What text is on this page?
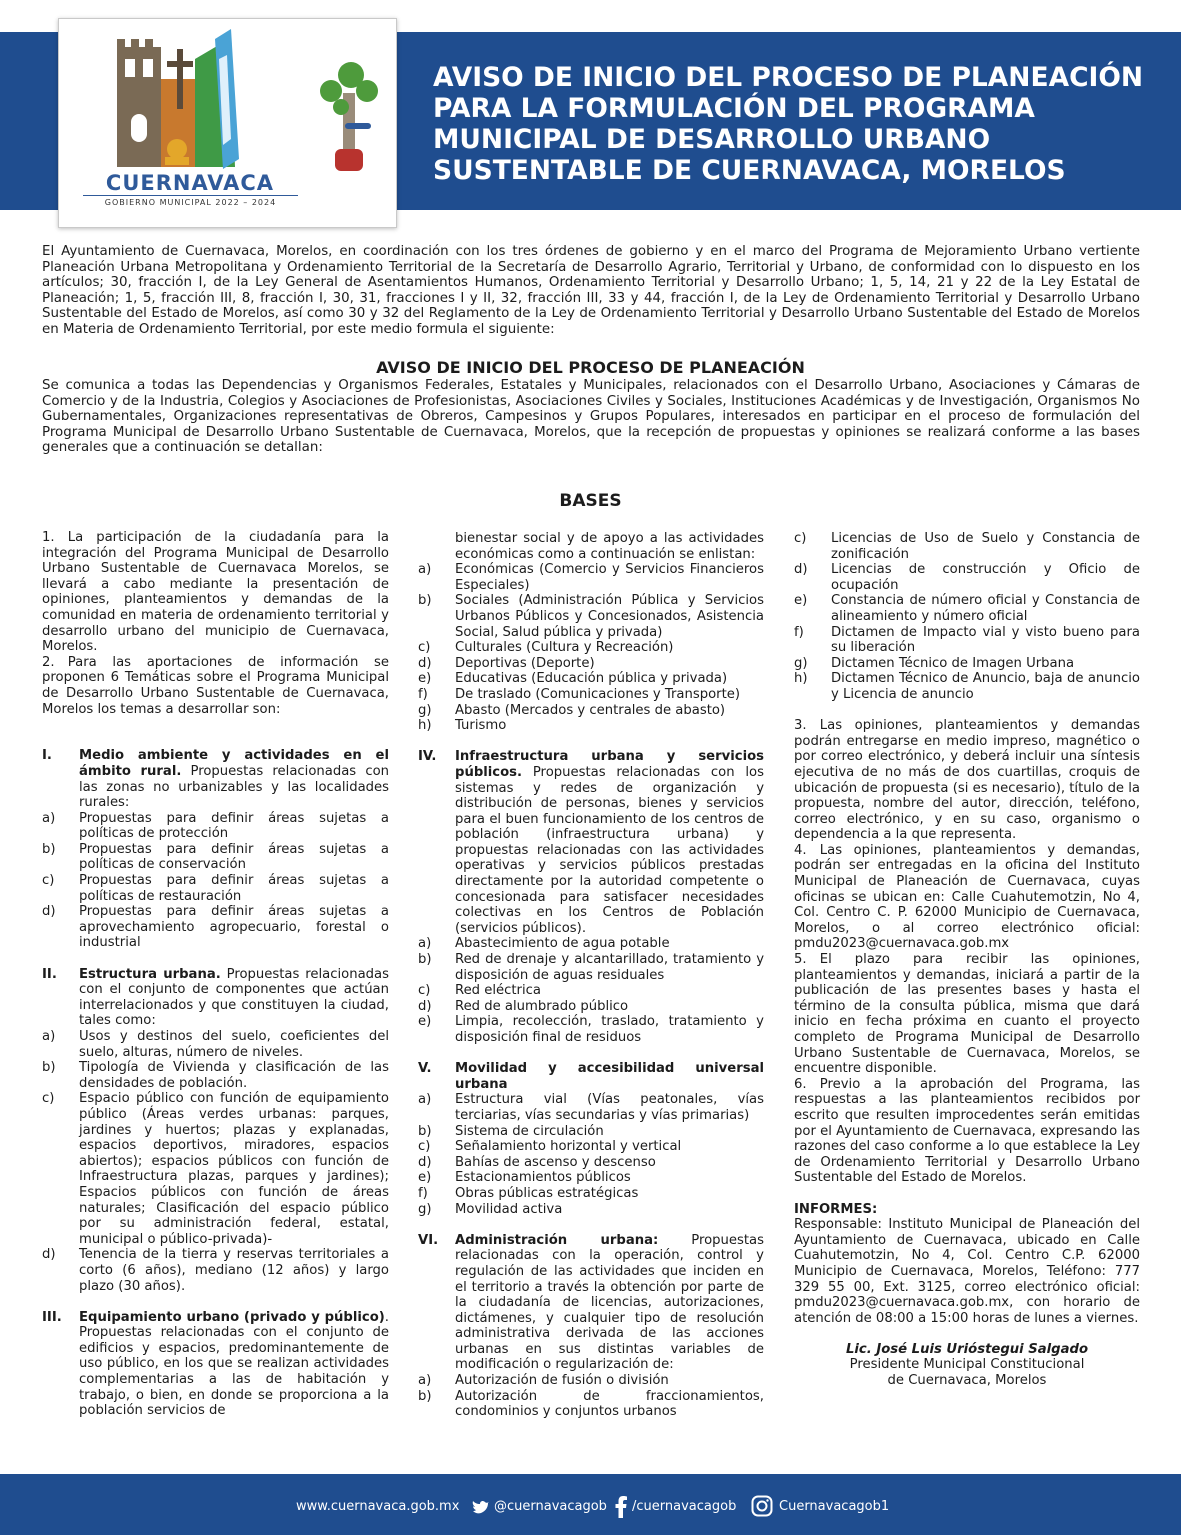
CUERNAVACA
GOBIERNO MUNICIPAL 2022 – 2024
AVISO DE INICIO DEL PROCESO DE PLANEACIÓN PARA LA FORMULACIÓN DEL PROGRAMA MUNICIPAL DE DESARROLLO URBANO SUSTENTABLE DE CUERNAVACA, MORELOS

El Ayuntamiento de Cuernavaca, Morelos, en coordinación con los tres órdenes de gobierno y en el marco del Programa de Mejoramiento Urbano vertiente Planeación Urbana Metropolitana y Ordenamiento Territorial de la Secretaría de Desarrollo Agrario, Territorial y Urbano, de conformidad con lo dispuesto en los artículos; 30, fracción I, de la Ley General de Asentamientos Humanos, Ordenamiento Territorial y Desarrollo Urbano; 1, 5, 14, 21 y 22 de la Ley Estatal de Planeación; 1, 5, fracción III, 8, fracción I, 30, 31, fracciones I y II, 32, fracción III, 33 y 44, fracción I, de la Ley de Ordenamiento Territorial y Desarrollo Urbano Sustentable del Estado de Morelos, así como 30 y 32 del Reglamento de la Ley de Ordenamiento Territorial y Desarrollo Urbano Sustentable del Estado de Morelos en Materia de Ordenamiento Territorial, por este medio formula el siguiente:

AVISO DE INICIO DEL PROCESO DE PLANEACIÓN

Se comunica a todas las Dependencias y Organismos Federales, Estatales y Municipales, relacionados con el Desarrollo Urbano, Asociaciones y Cámaras de Comercio y de la Industria, Colegios y Asociaciones de Profesionistas, Asociaciones Civiles y Sociales, Instituciones Académicas y de Investigación, Organismos No Gubernamentales, Organizaciones representativas de Obreros, Campesinos y Grupos Populares, interesados en participar en el proceso de formulación del Programa Municipal de Desarrollo Urbano Sustentable de Cuernavaca, Morelos, que la recepción de propuestas y opiniones se realizará conforme a las bases generales que a continuación se detallan:

BASES

1. La participación de la ciudadanía para la integración del Programa Municipal de Desarrollo Urbano Sustentable de Cuernavaca Morelos, se llevará a cabo mediante la presentación de opiniones, planteamientos y demandas de la comunidad en materia de ordenamiento territorial y desarrollo urbano del municipio de Cuernavaca, Morelos.

2. Para las aportaciones de información se proponen 6 Temáticas sobre el Programa Municipal de Desarrollo Urbano Sustentable de Cuernavaca, Morelos los temas a desarrollar son:

I.	Medio ambiente y actividades en el ámbito rural. Propuestas relacionadas con las zonas no urbanizables y las localidades rurales:
a)	Propuestas para definir áreas sujetas a políticas de protección
b)	Propuestas para definir áreas sujetas a políticas de conservación
c)	Propuestas para definir áreas sujetas a políticas de restauración
d)	Propuestas para definir áreas sujetas a aprovechamiento agropecuario, forestal o industrial
II.	Estructura urbana. Propuestas relacionadas con el conjunto de componentes que actúan interrelacionados y que constituyen la ciudad, tales como:
a)	Usos y destinos del suelo, coeficientes del suelo, alturas, número de niveles.
b)	Tipología de Vivienda y clasificación de las densidades de población.
c)	Espacio público con función de equipamiento público (Áreas verdes urbanas: parques, jardines y huertos; plazas y explanadas, espacios deportivos, miradores, espacios abiertos); espacios públicos con función de Infraestructura plazas, parques y jardines); Espacios públicos con función de áreas naturales; Clasificación del espacio público por su administración federal, estatal, municipal o público-privada)-
d)	Tenencia de la tierra y reservas territoriales a corto (6 años), mediano (12 años) y largo plazo (30 años).
III.	Equipamiento urbano (privado y público). Propuestas relacionadas con el conjunto de edificios y espacios, predominantemente de uso público, en los que se realizan actividades complementarias a las de habitación y trabajo, o bien, en donde se proporciona a la población servicios de
bienestar social y de apoyo a las actividades económicas como a continuación se enlistan:
a)	Económicas (Comercio y Servicios Financieros Especiales)
b)	Sociales (Administración Pública y Servicios Urbanos Públicos y Concesionados, Asistencia Social, Salud pública y privada)
c)	Culturales (Cultura y Recreación)
d)	Deportivas (Deporte)
e)	Educativas (Educación pública y privada)
f)	De traslado (Comunicaciones y Transporte)
g)	Abasto (Mercados y centrales de abasto)
h)	Turismo
IV.	Infraestructura urbana y servicios públicos. Propuestas relacionadas con los sistemas y redes de organización y distribución de personas, bienes y servicios para el buen funcionamiento de los centros de población (infraestructura urbana) y propuestas relacionadas con las actividades operativas y servicios públicos prestadas directamente por la autoridad competente o concesionada para satisfacer necesidades colectivas en los Centros de Población (servicios públicos).
a)	Abastecimiento de agua potable
b)	Red de drenaje y alcantarillado, tratamiento y disposición de aguas residuales
c)	Red eléctrica
d)	Red de alumbrado público
e)	Limpia, recolección, traslado, tratamiento y disposición final de residuos
V.	Movilidad y accesibilidad universal urbana
a)	Estructura vial (Vías peatonales, vías terciarias, vías secundarias y vías primarias)
b)	Sistema de circulación
c)	Señalamiento horizontal y vertical
d)	Bahías de ascenso y descenso
e)	Estacionamientos públicos
f)	Obras públicas estratégicas
g)	Movilidad activa
VI.	Administración urbana: Propuestas relacionadas con la operación, control y regulación de las actividades que inciden en el territorio a través la obtención por parte de la ciudadanía de licencias, autorizaciones, dictámenes, y cualquier tipo de resolución administrativa derivada de las acciones urbanas en sus distintas variables de modificación o regularización de:
a)	Autorización de fusión o división
b)	Autorización de fraccionamientos, condominios y conjuntos urbanos
c)	Licencias de Uso de Suelo y Constancia de zonificación
d)	Licencias de construcción y Oficio de ocupación
e)	Constancia de número oficial y Constancia de alineamiento y número oficial
f)	Dictamen de Impacto vial y visto bueno para su liberación
g)	Dictamen Técnico de Imagen Urbana
h)	Dictamen Técnico de Anuncio, baja de anuncio y Licencia de anuncio

3. Las opiniones, planteamientos y demandas podrán entregarse en medio impreso, magnético o por correo electrónico, y deberá incluir una síntesis ejecutiva de no más de dos cuartillas, croquis de ubicación de propuesta (si es necesario), título de la propuesta, nombre del autor, dirección, teléfono, correo electrónico, y en su caso, organismo o dependencia a la que representa.

4. Las opiniones, planteamientos y demandas, podrán ser entregadas en la oficina del Instituto Municipal de Planeación de Cuernavaca, cuyas oficinas se ubican en: Calle Cuahutemotzin, No 4, Col. Centro C. P. 62000 Municipio de Cuernavaca, Morelos, o al correo electrónico oficial: pmdu2023@cuernavaca.gob.mx

5. El plazo para recibir las opiniones, planteamientos y demandas, iniciará a partir de la publicación de las presentes bases y hasta el término de la consulta pública, misma que dará inicio en fecha próxima en cuanto el proyecto completo de Programa Municipal de Desarrollo Urbano Sustentable de Cuernavaca, Morelos, se encuentre disponible.

6. Previo a la aprobación del Programa, las respuestas a las planteamientos recibidos por escrito que resulten improcedentes serán emitidas por el Ayuntamiento de Cuernavaca, expresando las razones del caso conforme a lo que establece la Ley de Ordenamiento Territorial y Desarrollo Urbano Sustentable del Estado de Morelos.

INFORMES:

Responsable: Instituto Municipal de Planeación del Ayuntamiento de Cuernavaca, ubicado en Calle Cuahutemotzin, No 4, Col. Centro C.P. 62000 Municipio de Cuernavaca, Morelos, Teléfono: 777 329 55 00, Ext. 3125, correo electrónico oficial: pmdu2023@cuernavaca.gob.mx, con horario de atención de 08:00 a 15:00 horas de lunes a viernes.

Lic. José Luis Urióstegui Salgado

Presidente Municipal Constitucional

de Cuernavaca, Morelos

www.cuernavaca.gob.mx	@cuernavacagob /cuernavacagob	Cuernavacagob1
